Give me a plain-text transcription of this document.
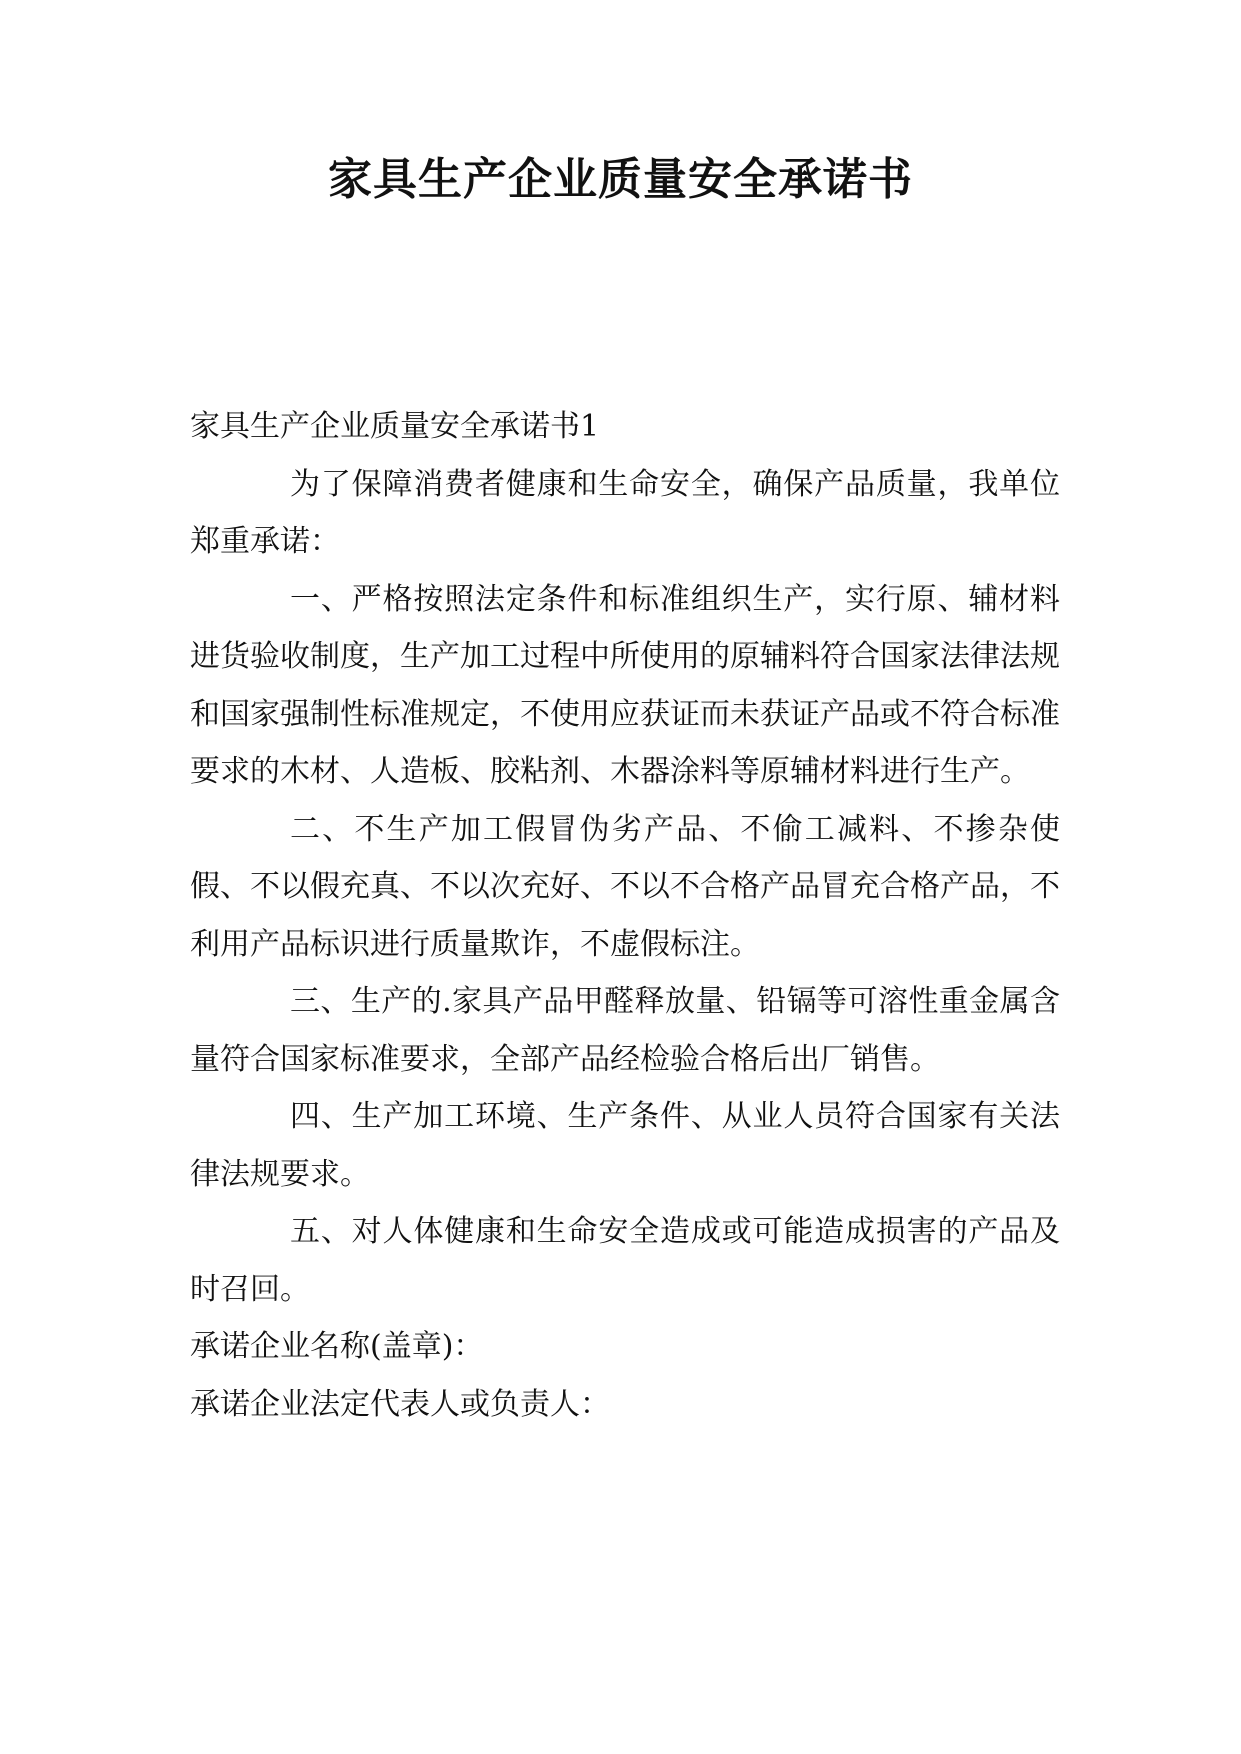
家具生产企业质量安全承诺书

家具生产企业质量安全承诺书1

为了保障消费者健康和生命安全，确保产品质量，我单位郑重承诺：

一、严格按照法定条件和标准组织生产，实行原、辅材料进货验收制度，生产加工过程中所使用的原辅料符合国家法律法规和国家强制性标准规定，不使用应获证而未获证产品或不符合标准要求的木材、人造板、胶粘剂、木器涂料等原辅材料进行生产。

二、不生产加工假冒伪劣产品、不偷工减料、不掺杂使假、不以假充真、不以次充好、不以不合格产品冒充合格产品，不利用产品标识进行质量欺诈，不虚假标注。

三、生产的.家具产品甲醛释放量、铅镉等可溶性重金属含量符合国家标准要求，全部产品经检验合格后出厂销售。

四、生产加工环境、生产条件、从业人员符合国家有关法律法规要求。

五、对人体健康和生命安全造成或可能造成损害的产品及时召回。

承诺企业名称(盖章)：

承诺企业法定代表人或负责人：
